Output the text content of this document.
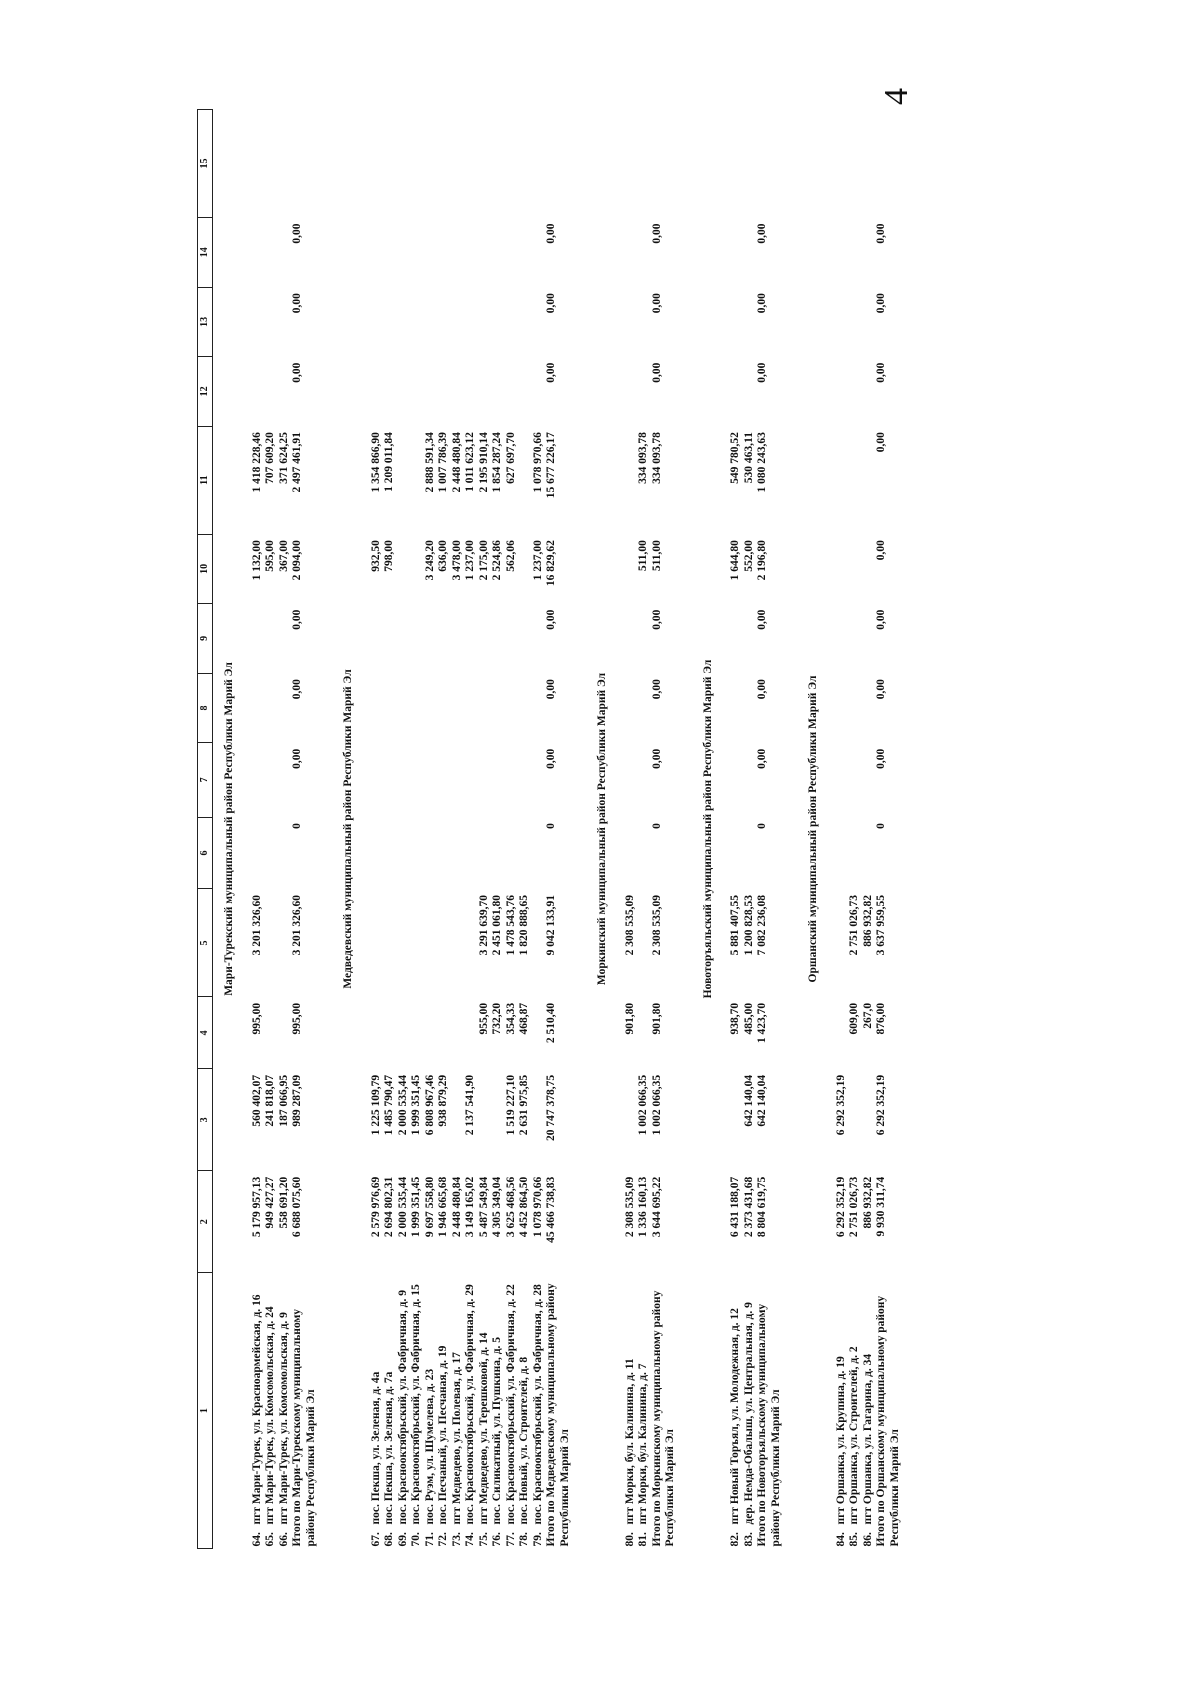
4
1	2	3	4	5	6	7	8	9	10	11	12	13	14	15
Мари-Турекский муниципальный район Республики Марий Эл														
64.пгт Мари-Турек, ул. Красноармейская, д. 16	5 179 957,13	560 402,07	995,00	3 201 326,60					1 132,00	1 418 228,46				
65.пгт Мари-Турек, ул. Комсомольская, д. 24	949 427,27	241 818,07							595,00	707 609,20				
66.пгт Мари-Турек, ул. Комсомольская, д. 9	558 691,20	187 066,95							367,00	371 624,25				
Итого по Мари-Турекскому муниципальному району Республики Марий Эл	6 688 075,60	989 287,09	995,00	3 201 326,60	0	0,00	0,00	0,00	2 094,00	2 497 461,91	0,00	0,00	0,00	
Медведевский муниципальный район Республики Марий Эл														
67.пос. Пекша, ул. Зеленая, д. 4а	2 579 976,69	1 225 109,79							932,50	1 354 866,90				
68.пос. Пекша, ул. Зеленая, д. 7а	2 694 802,31	1 485 790,47							798,00	1 209 011,84				
69.пос. Краснооктябрьский, ул. Фабричная, д. 9	2 000 535,44	2 000 535,44												
70.пос. Краснооктябрьский, ул. Фабричная, д. 15	1 999 351,45	1 999 351,45												
71.пос. Руэм, ул. Шумелева, д. 23	9 697 558,80	6 808 967,46							3 249,20	2 888 591,34				
72.пос. Песчаный, ул. Песчаная, д. 19	1 946 665,68	938 879,29							636,00	1 007 786,39				
73.пгт Медведево, ул. Полевая, д. 17	2 448 480,84								3 478,00	2 448 480,84				
74.пос. Краснооктябрьский, ул. Фабричная, д. 29	3 149 165,02	2 137 541,90							1 237,00	1 011 623,12				
75.пгт Медведево, ул. Терешковой, д. 14	5 487 549,84		955,00	3 291 639,70					2 175,00	2 195 910,14				
76.пос. Силикатный, ул. Пушкина, д. 5	4 305 349,04		732,20	2 451 061,80					2 524,86	1 854 287,24				
77.пос. Краснооктябрьский, ул. Фабричная, д. 22	3 625 468,56	1 519 227,10	354,33	1 478 543,76					562,06	627 697,70				
78.пос. Новый, ул. Строителей, д. 8	4 452 864,50	2 631 975,85	468,87	1 820 888,65										
79.пос. Краснооктябрьский, ул. Фабричная, д. 28	1 078 970,66								1 237,00	1 078 970,66				
Итого по Медведевскому муниципальному району Республики Марий Эл	45 466 738,83	20 747 378,75	2 510,40	9 042 133,91	0	0,00	0,00	0,00	16 829,62	15 677 226,17	0,00	0,00	0,00	
Моркинский муниципальный район Республики Марий Эл														
80.пгт Морки, бул. Калинина, д. 11	2 308 535,09		901,80	2 308 535,09										
81.пгт Морки, бул. Калинина, д. 7	1 336 160,13	1 002 066,35							511,00	334 093,78				
Итого по Моркинскому муниципальному району Республики Марий Эл	3 644 695,22	1 002 066,35	901,80	2 308 535,09	0	0,00	0,00	0,00	511,00	334 093,78	0,00	0,00	0,00	
Новоторъяльский муниципальный район Республики Марий Эл														
82.пгт Новый Торъял, ул. Молодежная, д. 12	6 431 188,07		938,70	5 881 407,55					1 644,80	549 780,52				
83.дер. Немда-Обалыш, ул. Центральная, д. 9	2 373 431,68	642 140,04	485,00	1 200 828,53					552,00	530 463,11				
Итого по Новоторъяльскому муниципальному району Республики Марий Эл	8 804 619,75	642 140,04	1 423,70	7 082 236,08	0	0,00	0,00	0,00	2 196,80	1 080 243,63	0,00	0,00	0,00	
Оршанский муниципальный район Республики Марий Эл														
84.пгт Оршанка, ул. Крупина, д. 19	6 292 352,19	6 292 352,19												
85.пгт Оршанка, ул. Строителей, д. 2	2 751 026,73		609,00	2 751 026,73										
86.пгт Оршанка, ул. Гагарина, д. 34	886 932,82		267,0	886 932,82										
Итого по Оршанскому муниципальному району Республики Марий Эл	9 930 311,74	6 292 352,19	876,00	3 637 959,55	0	0,00	0,00	0,00	0,00	0,00	0,00	0,00	0,00	
